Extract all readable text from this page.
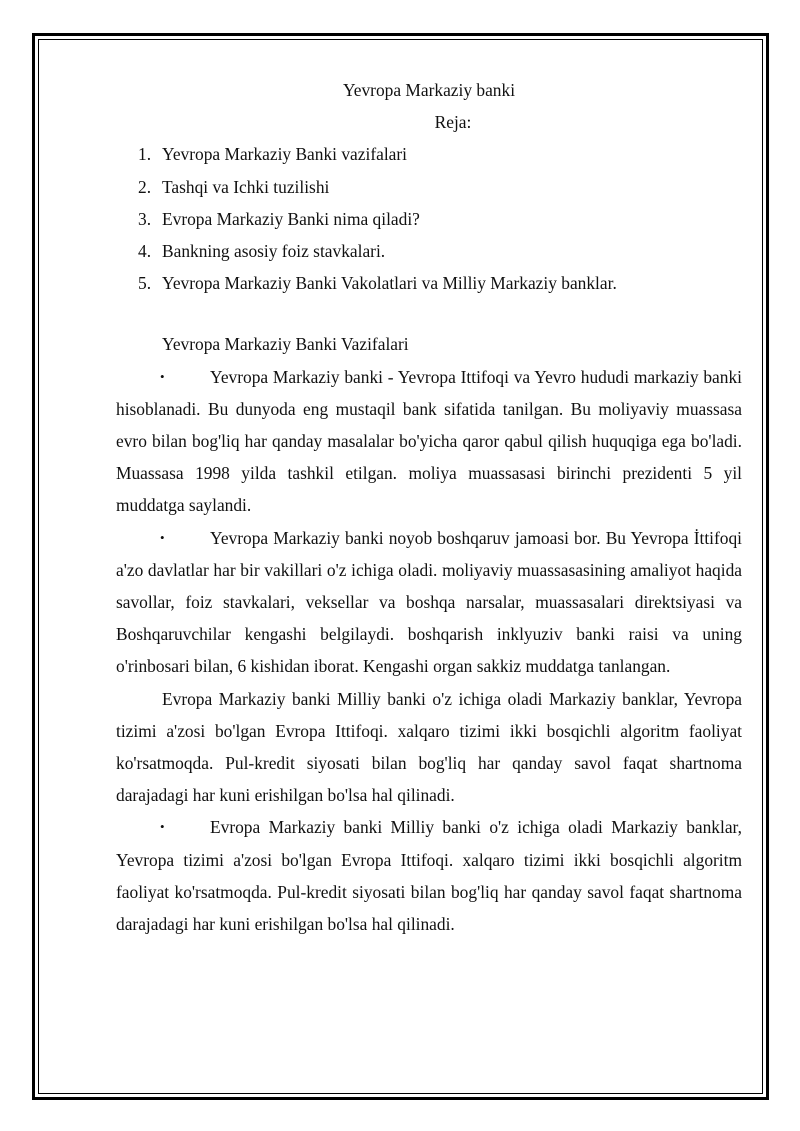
Yevropa Markaziy banki

Reja:

1. Yevropa Markaziy Banki vazifalari
2. Tashqi va Ichki tuzilishi
3. Evropa Markaziy Banki nima qiladi?
4. Bankning asosiy foiz stavkalari.
5. Yevropa Markaziy Banki Vakolatlari va Milliy Markaziy banklar.

Yevropa Markaziy Banki Vazifalari

•	Yevropa Markaziy banki - Yevropa Ittifoqi va Yevro hududi markaziy banki hisoblanadi. Bu dunyoda eng mustaqil bank sifatida tanilgan. Bu moliyaviy muassasa evro bilan bog'liq har qanday masalalar bo'yicha qaror qabul qilish huquqiga ega bo'ladi. Muassasa 1998 yilda tashkil etilgan. moliya muassasasi birinchi prezidenti 5 yil muddatga saylandi.

•	Yevropa Markaziy banki noyob boshqaruv jamoasi bor. Bu Yevropa İttifoqi a'zo davlatlar har bir vakillari o'z ichiga oladi. moliyaviy muassasasining amaliyot haqida savollar, foiz stavkalari, veksellar va boshqa narsalar, muassasalari direktsiyasi va Boshqaruvchilar kengashi belgilaydi. boshqarish inklyuziv banki raisi va uning o'rinbosari bilan, 6 kishidan iborat. Kengashi organ sakkiz muddatga tanlangan.

Evropa Markaziy banki Milliy banki o'z ichiga oladi Markaziy banklar, Yevropa tizimi a'zosi bo'lgan Evropa Ittifoqi. xalqaro tizimi ikki bosqichli algoritm faoliyat ko'rsatmoqda. Pul-kredit siyosati bilan bog'liq har qanday savol faqat shartnoma darajadagi har kuni erishilgan bo'lsa hal qilinadi.

•	Evropa Markaziy banki Milliy banki o'z ichiga oladi Markaziy banklar, Yevropa tizimi a'zosi bo'lgan Evropa Ittifoqi. xalqaro tizimi ikki bosqichli algoritm faoliyat ko'rsatmoqda. Pul-kredit siyosati bilan bog'liq har qanday savol faqat shartnoma darajadagi har kuni erishilgan bo'lsa hal qilinadi.
